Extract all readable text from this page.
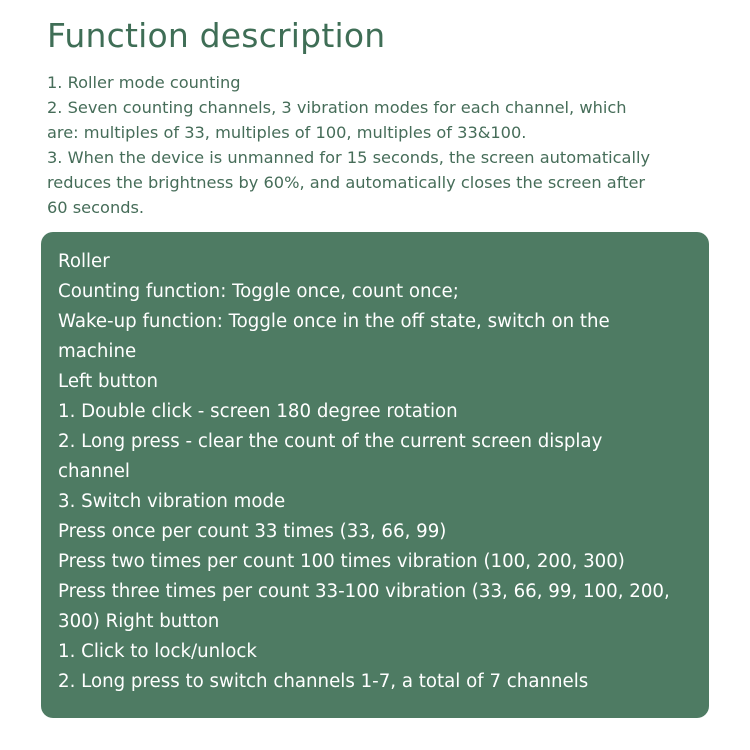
Function description
1. Roller mode counting
2. Seven counting channels, 3 vibration modes for each channel, which
are: multiples of 33, multiples of 100, multiples of 33&100.
3. When the device is unmanned for 15 seconds, the screen automatically
reduces the brightness by 60%, and automatically closes the screen after
60 seconds.
Roller
Counting function: Toggle once, count once;
Wake-up function: Toggle once in the off state, switch on the
machine
Left button
1. Double click - screen 180 degree rotation
2. Long press - clear the count of the current screen display
channel
3. Switch vibration mode
Press once per count 33 times (33, 66, 99)
Press two times per count 100 times vibration (100, 200, 300)
Press three times per count 33-100 vibration (33, 66, 99, 100, 200,
300) Right button
1. Click to lock/unlock
2. Long press to switch channels 1-7, a total of 7 channels
